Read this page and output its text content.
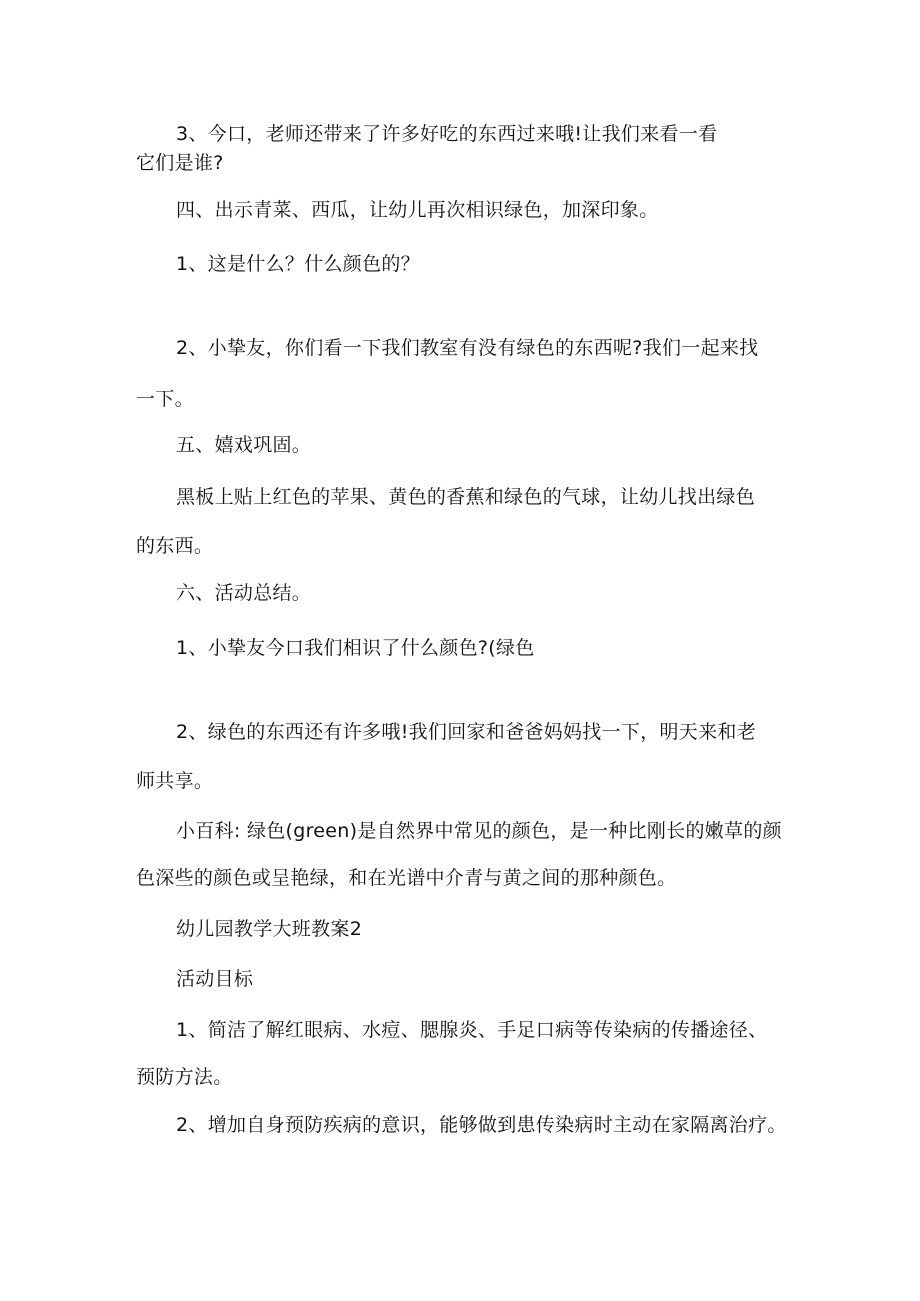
3、今口，老师还带来了许多好吃的东西过来哦!让我们来看一看
它们是谁?
四、出示青菜、西瓜，让幼儿再次相识绿色，加深印象。
1、这是什么？什么颜色的？
2、小挚友，你们看一下我们教室有没有绿色的东西呢?我们一起来找
一下。
五、嬉戏巩固。
黑板上贴上红色的苹果、黄色的香蕉和绿色的气球，让幼儿找出绿色
的东西。
六、活动总结。
1、小挚友今口我们相识了什么颜色?(绿色
2、绿色的东西还有许多哦!我们回家和爸爸妈妈找一下，明天来和老
师共享。
小百科: 绿色(green)是自然界中常见的颜色，是一种比刚长的嫩草的颜
色深些的颜色或呈艳绿，和在光谱中介青与黄之间的那种颜色。
幼儿园教学大班教案2
活动目标
1、简洁了解红眼病、水痘、腮腺炎、手足口病等传染病的传播途径、
预防方法。
2、增加自身预防疾病的意识，能够做到患传染病时主动在家隔离治疗。
